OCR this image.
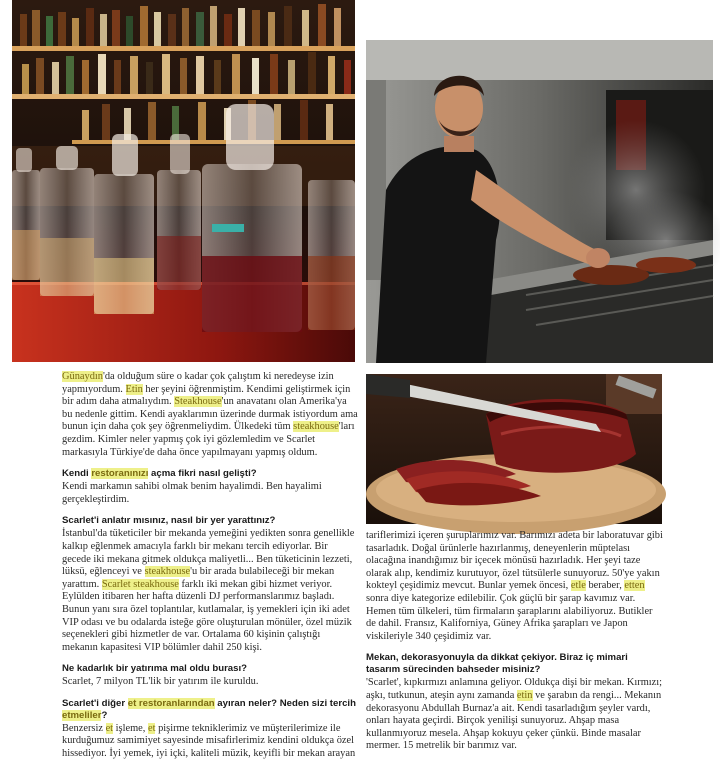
Günaydın'da olduğum süre o kadar çok çalıştım ki neredeyse izin yapmıyordum. Etin her şeyini öğrenmiştim. Kendimi geliştirmek için bir adım daha atmalıydım. Steakhouse'un anavatanı olan Amerika'ya bu nedenle gittim. Kendi ayaklarımın üzerinde durmak istiyordum ama bunun için daha çok şey öğrenmeliydim. Ülkedeki tüm steakhouse'ları gezdim. Kimler neler yapmış çok iyi gözlemledim ve Scarlet markasıyla Türkiye'de daha önce yapılmayanı yapmış oldum.

Kendi restoranınızı açma fikri nasıl gelişti?

Kendi markamın sahibi olmak benim hayalimdi. Ben hayalimi gerçekleştirdim.

Scarlet'i anlatır mısınız, nasıl bir yer yarattınız?

İstanbul'da tüketiciler bir mekanda yemeğini yedikten sonra genellikle kalkıp eğlenmek amacıyla farklı bir mekanı tercih ediyorlar. Bir gecede iki mekana gitmek oldukça maliyetli... Ben tüketicinin lezzeti, lüksü, eğlenceyi ve steakhouse'u bir arada bulabileceği bir mekan yarattım. Scarlet steakhouse farklı iki mekan gibi hizmet veriyor. Eylülden itibaren her hafta düzenli DJ performanslarımız başladı. Bunun yanı sıra özel toplantılar, kutlamalar, iş yemekleri için iki adet VIP odası ve bu odalarda isteğe göre oluşturulan mönüler, özel müzik seçenekleri gibi hizmetler de var. Ortalama 60 kişinin çalıştığı mekanın kapasitesi VIP bölümler dahil 250 kişi.

Ne kadarlık bir yatırıma mal oldu burası?

Scarlet, 7 milyon TL'lik bir yatırım ile kuruldu.

Scarlet'i diğer et restoranlarından ayıran neler? Neden sizi tercih etmeliler?

Benzersiz et işleme, et pişirme tekniklerimiz ve müşterilerimize ile kurduğumuz samimiyet sayesinde misafirlerimiz kendini oldukça özel hissediyor. İyi yemek, iyi içki, kaliteli müzik, keyifli bir mekan arayan

tariflerimizi içeren şuruplarımız var. Barımızı adeta bir laboratuvar gibi tasarladık. Doğal ürünlerle hazırlanmış, deneyenlerin müptelası olacağına inandığımız bir içecek mönüsü hazırladık. Her şeyi taze olarak alıp, kendimiz kurutuyor, özel tütsülerle sunuyoruz. 50'ye yakın kokteyl çeşidimiz mevcut. Bunlar yemek öncesi, etle beraber, etten sonra diye kategorize edilebilir. Çok güçlü bir şarap kavımız var. Hemen tüm ülkeleri, tüm firmaların şaraplarını alabiliyoruz. Butikler de dahil. Fransız, Kaliforniya, Güney Afrika şarapları ve Japon viskileriyle 340 çeşidimiz var.

Mekan, dekorasyonuyla da dikkat çekiyor. Biraz iç mimari tasarım sürecinden bahseder misiniz?

'Scarlet', kıpkırmızı anlamına geliyor. Oldukça dişi bir mekan. Kırmızı; aşkı, tutkunun, ateşin aynı zamanda etin ve şarabın da rengi... Mekanın dekorasyonu Abdullah Burnaz'a ait. Kendi tasarladığım şeyler vardı, onları hayata geçirdi. Birçok yenilişi sunuyoruz. Ahşap masa kullanmıyoruz mesela. Ahşap kokuyu çeker çünkü. Binde masalar mermer. 15 metrelik bir barımız var.
